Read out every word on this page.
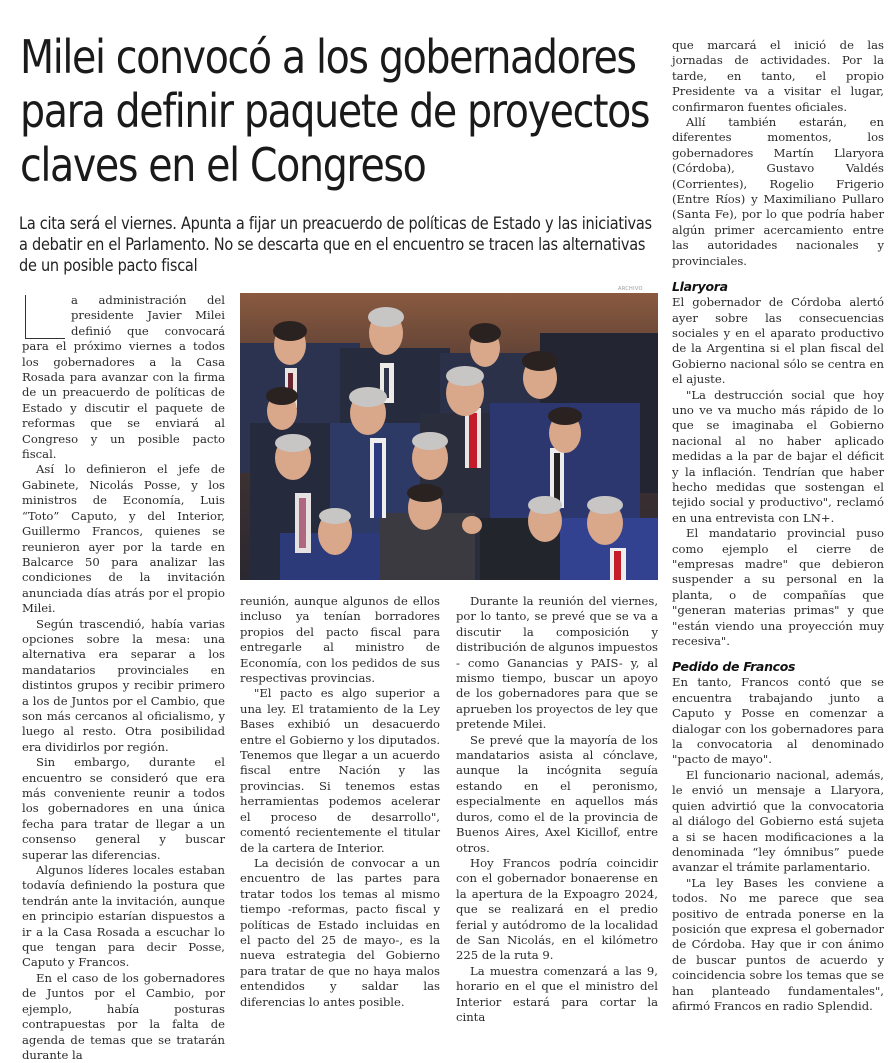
Milei convocó a los gobernadores para definir paquete de proyectos claves en el Congreso

La cita será el viernes. Apunta a fijar un preacuerdo de políticas de Estado y las iniciativas a debatir en el Parlamento. No se descarta que en el encuentro se tracen las alternativas de un posible pacto fiscal

ARCHIVO

a administración del presidente Javier Milei definió que convocará para el próximo viernes a todos los gobernadores a la Casa Rosada para avanzar con la firma de un preacuerdo de políticas de Estado y discutir el paquete de reformas que se enviará al Congreso y un posible pacto fiscal.

Así lo definieron el jefe de Gabinete, Nicolás Posse, y los ministros de Economía, Luis “Toto” Caputo, y del Interior, Guillermo Francos, quienes se reunieron ayer por la tarde en Balcarce 50 para analizar las condiciones de la invitación anunciada días atrás por el propio Milei.

Según trascendió, había varias opciones sobre la mesa: una alternativa era separar a los mandatarios provinciales en distintos grupos y recibir primero a los de Juntos por el Cambio, que son más cercanos al oficialismo, y luego al resto. Otra posibilidad era dividirlos por región.

Sin embargo, durante el encuentro se consideró que era más conveniente reunir a todos los gobernadores en una única fecha para tratar de llegar a un consenso general y buscar superar las diferencias.

Algunos líderes locales estaban todavía definiendo la postura que tendrán ante la invitación, aunque en principio estarían dispuestos a ir a la Casa Rosada a escuchar lo que tengan para decir Posse, Caputo y Francos.

En el caso de los gobernadores de Juntos por el Cambio, por ejemplo, había posturas contrapuestas por la falta de agenda de temas que se tratarán durante la

reunión, aunque algunos de ellos incluso ya tenían borradores propios del pacto fiscal para entregarle al ministro de Economía, con los pedidos de sus respectivas provincias.

"El pacto es algo superior a una ley. El tratamiento de la Ley Bases exhibió un desacuerdo entre el Gobierno y los diputados. Tenemos que llegar a un acuerdo fiscal entre Nación y las provincias. Si tenemos estas herramientas podemos acelerar el proceso de desarrollo", comentó recientemente el titular de la cartera de Interior.

La decisión de convocar a un encuentro de las partes para tratar todos los temas al mismo tiempo -reformas, pacto fiscal y políticas de Estado incluidas en el pacto del 25 de mayo-, es la nueva estrategia del Gobierno para tratar de que no haya malos entendidos y saldar las diferencias lo antes posible.

Durante la reunión del viernes, por lo tanto, se prevé que se va a discutir la composición y distribución de algunos impuestos - como Ganancias y PAIS- y, al mismo tiempo, buscar un apoyo de los gobernadores para que se aprueben los proyectos de ley que pretende Milei.

Se prevé que la mayoría de los mandatarios asista al cónclave, aunque la incógnita seguía estando en el peronismo, especialmente en aquellos más duros, como el de la provincia de Buenos Aires, Axel Kicillof, entre otros.

Hoy Francos podría coincidir con el gobernador bonaerense en la apertura de la Expoagro 2024, que se realizará en el predio ferial y autódromo de la localidad de San Nicolás, en el kilómetro 225 de la ruta 9.

La muestra comenzará a las 9, horario en el que el ministro del Interior estará para cortar la cinta

que marcará el inició de las jornadas de actividades. Por la tarde, en tanto, el propio Presidente va a visitar el lugar, confirmaron fuentes oficiales.

Allí también estarán, en diferentes momentos, los gobernadores Martín Llaryora (Córdoba), Gustavo Valdés (Corrientes), Rogelio Frigerio (Entre Ríos) y Maximiliano Pullaro (Santa Fe), por lo que podría haber algún primer acercamiento entre las autoridades nacionales y provinciales.

Llaryora

El gobernador de Córdoba alertó ayer sobre las consecuencias sociales y en el aparato productivo de la Argentina si el plan fiscal del Gobierno nacional sólo se centra en el ajuste.

"La destrucción social que hoy uno ve va mucho más rápido de lo que se imaginaba el Gobierno nacional al no haber aplicado medidas a la par de bajar el déficit y la inflación. Tendrían que haber hecho medidas que sostengan el tejido social y productivo", reclamó en una entrevista con LN+.

El mandatario provincial puso como ejemplo el cierre de "empresas madre" que debieron suspender a su personal en la planta, o de compañías que "generan materias primas" y que "están viendo una proyección muy recesiva".

Pedido de Francos

En tanto, Francos contó que se encuentra trabajando junto a Caputo y Posse en comenzar a dialogar con los gobernadores para la convocatoria al denominado "pacto de mayo".

El funcionario nacional, además, le envió un mensaje a Llaryora, quien advirtió que la convocatoria al diálogo del Gobierno está sujeta a si se hacen modificaciones a la denominada “ley ómnibus” puede avanzar el trámite parlamentario.

"La ley Bases les conviene a todos. No me parece que sea positivo de entrada ponerse en la posición que expresa el gobernador de Córdoba. Hay que ir con ánimo de buscar puntos de acuerdo y coincidencia sobre los temas que se han planteado fundamentales", afirmó Francos en radio Splendid.
